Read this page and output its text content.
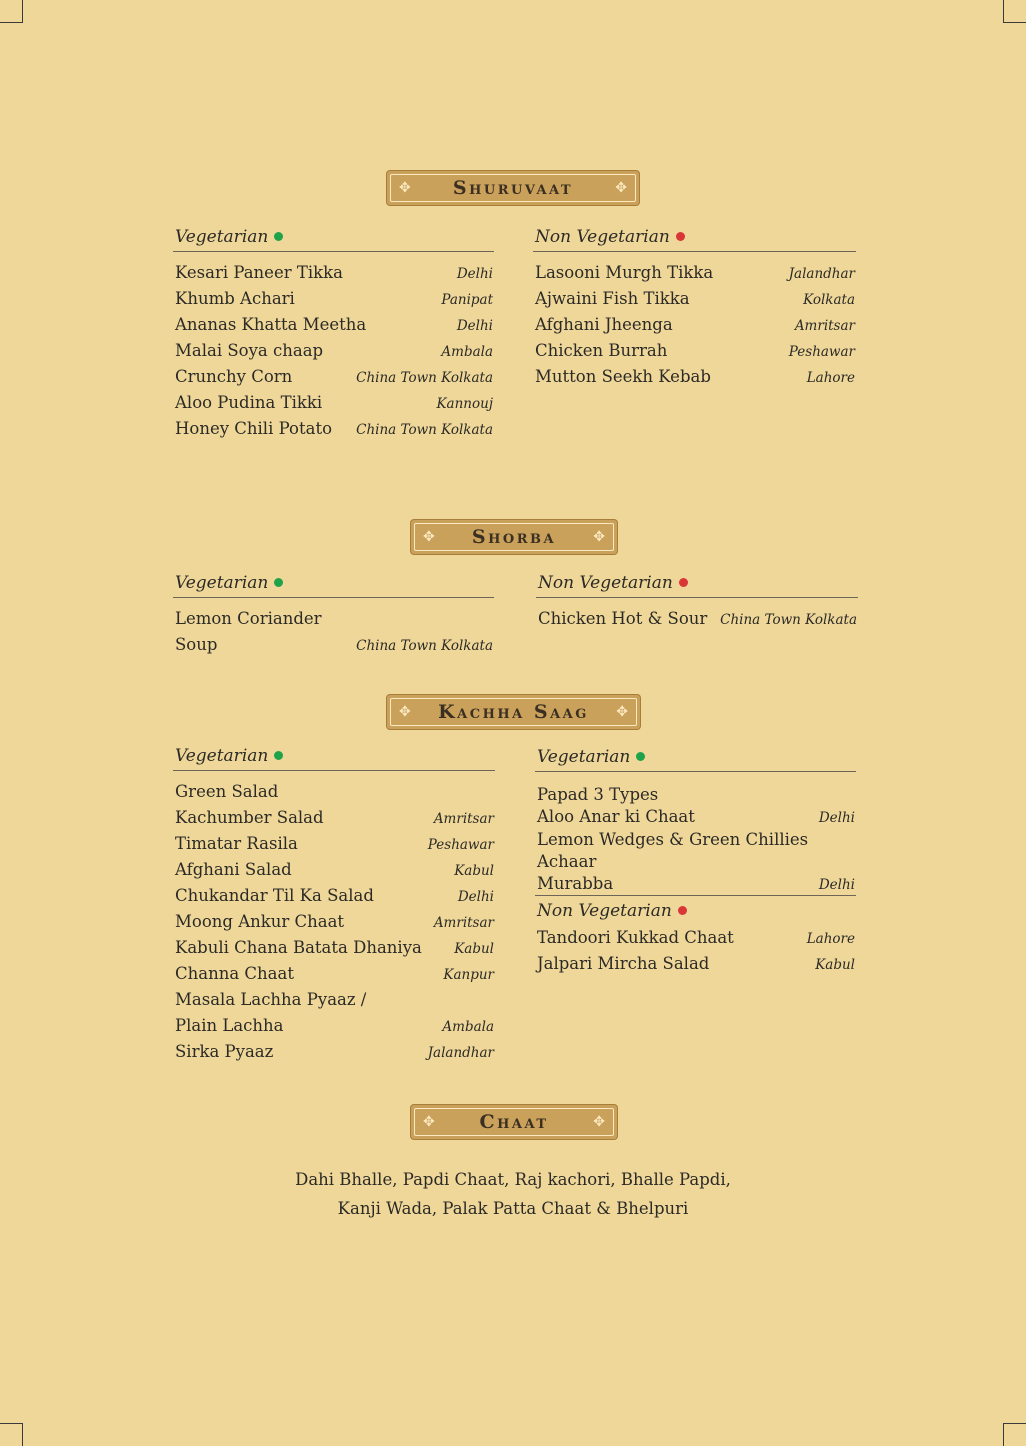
✥	Shuruvaat	✥
Vegetarian
Kesari Paneer Tikka	Delhi
Khumb Achari	Panipat
Ananas Khatta Meetha	Delhi
Malai Soya chaap	Ambala
Crunchy Corn	China Town Kolkata
Aloo Pudina Tikki	Kannouj
Honey Chili Potato China Town Kolkata
Non Vegetarian
Lasooni Murgh Tikka	Jalandhar
Ajwaini Fish Tikka	Kolkata
Afghani Jheenga	Amritsar
Chicken Burrah	Peshawar
Mutton Seekh Kebab	Lahore
✥	Shorba	✥
Vegetarian
Lemon Coriander
Soup	China Town Kolkata
Non Vegetarian
Chicken Hot & Sour China Town Kolkata
✥	Kachha Saag	✥
Vegetarian
Green Salad
Kachumber Salad	Amritsar
Timatar Rasila	Peshawar
Afghani Salad	Kabul
Chukandar Til Ka Salad	Delhi
Moong Ankur Chaat	Amritsar
Kabuli Chana Batata Dhaniya Kabul
Channa Chaat	Kanpur
Masala Lachha Pyaaz /
Plain Lachha	Ambala
Sirka Pyaaz	Jalandhar
Vegetarian
Papad 3 Types
Aloo Anar ki Chaat	Delhi
Lemon Wedges & Green Chillies
Achaar
Murabba	Delhi
Non Vegetarian
Tandoori Kukkad Chaat	Lahore
Jalpari Mircha Salad	Kabul
✥	Chaat	✥
Dahi Bhalle, Papdi Chaat, Raj kachori, Bhalle Papdi,
Kanji Wada, Palak Patta Chaat & Bhelpuri
